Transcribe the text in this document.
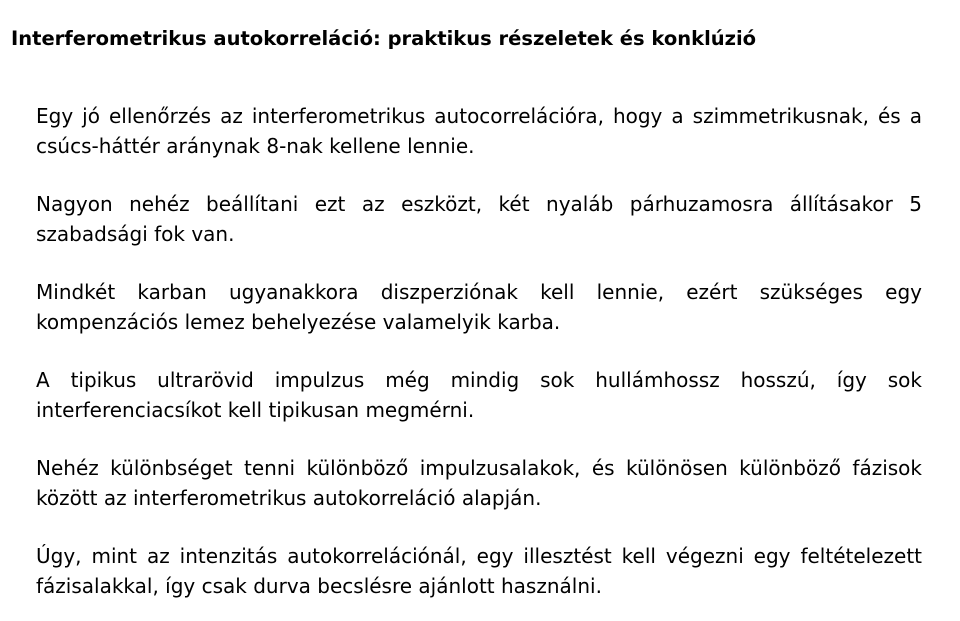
Interferometrikus autokorreláció: praktikus részeletek és konklúzió

Egy jó ellenőrzés az interferometrikus autocorrelációra, hogy a szimmetrikusnak, és a csúcs-háttér aránynak 8-nak kellene lennie.

Nagyon nehéz beállítani ezt az eszközt, két nyaláb párhuzamosra állításakor 5 szabadsági fok van.

Mindkét karban ugyanakkora diszperziónak kell lennie, ezért szükséges egy kompenzációs lemez behelyezése valamelyik karba.

A tipikus ultrarövid impulzus még mindig sok hullámhossz hosszú, így sok interferenciacsíkot kell tipikusan megmérni.

Nehéz különbséget tenni különböző impulzusalakok, és különösen különböző fázisok között az interferometrikus autokorreláció alapján.

Úgy, mint az intenzitás autokorrelációnál, egy illesztést kell végezni egy feltételezett fázisalakkal, így csak durva becslésre ajánlott használni.
